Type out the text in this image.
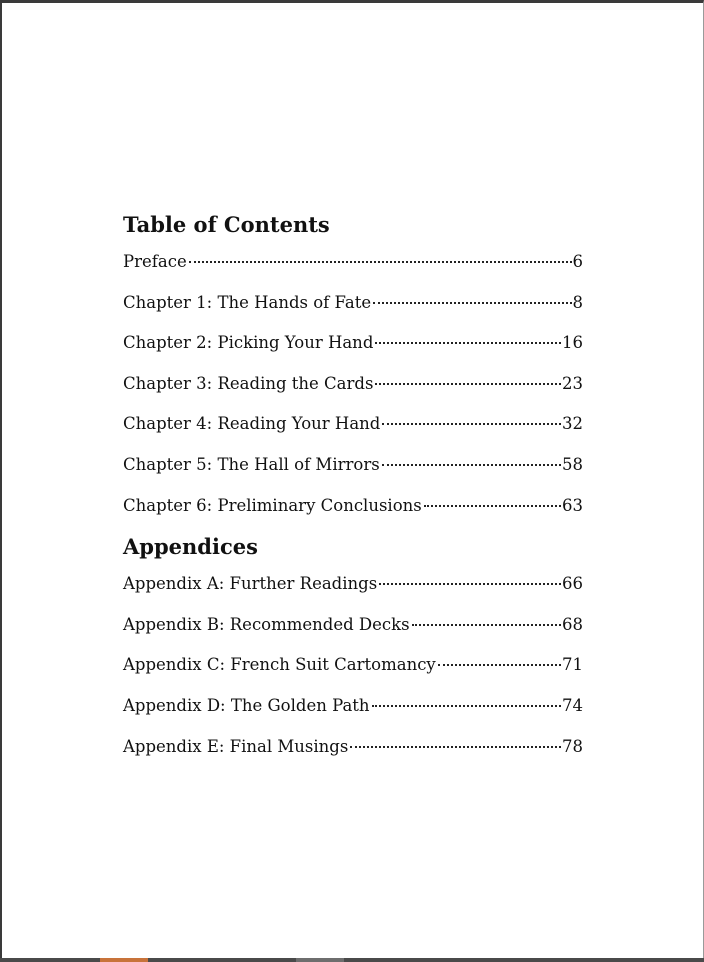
Table of Contents
Preface	6
Chapter 1: The Hands of Fate	8
Chapter 2: Picking Your Hand	16
Chapter 3: Reading the Cards	23
Chapter 4: Reading Your Hand	32
Chapter 5: The Hall of Mirrors	58
Chapter 6: Preliminary Conclusions	63
Appendices
Appendix A: Further Readings	66
Appendix B: Recommended Decks	68
Appendix C: French Suit Cartomancy	71
Appendix D: The Golden Path	74
Appendix E: Final Musings	78
